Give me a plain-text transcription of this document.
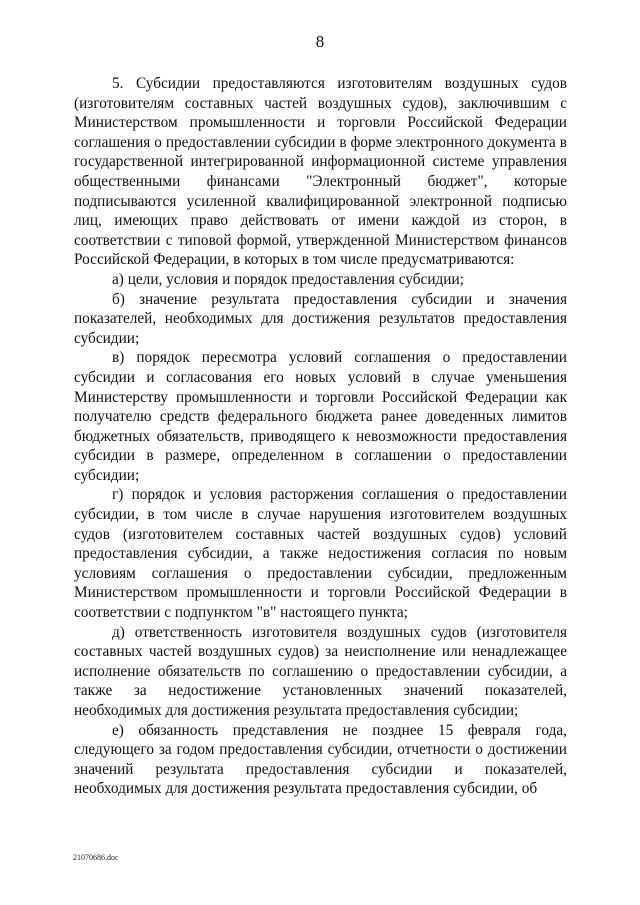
8

5. Субсидии предоставляются изготовителям воздушных судов (изготовителям составных частей воздушных судов), заключившим с Министерством промышленности и торговли Российской Федерации соглашения о предоставлении субсидии в форме электронного документа в государственной интегрированной информационной системе управления общественными финансами "Электронный бюджет", которые подписываются усиленной квалифицированной электронной подписью лиц, имеющих право действовать от имени каждой из сторон, в соответствии с типовой формой, утвержденной Министерством финансов Российской Федерации, в которых в том числе предусматриваются:

а) цели, условия и порядок предоставления субсидии;

б) значение результата предоставления субсидии и значения показателей, необходимых для достижения результатов предоставления субсидии;

в) порядок пересмотра условий соглашения о предоставлении субсидии и согласования его новых условий в случае уменьшения Министерству промышленности и торговли Российской Федерации как получателю средств федерального бюджета ранее доведенных лимитов бюджетных обязательств, приводящего к невозможности предоставления субсидии в размере, определенном в соглашении о предоставлении субсидии;

г) порядок и условия расторжения соглашения о предоставлении субсидии, в том числе в случае нарушения изготовителем воздушных судов (изготовителем составных частей воздушных судов) условий предоставления субсидии, а также недостижения согласия по новым условиям соглашения о предоставлении субсидии, предложенным Министерством промышленности и торговли Российской Федерации в соответствии с подпунктом "в" настоящего пункта;

д) ответственность изготовителя воздушных судов (изготовителя составных частей воздушных судов) за неисполнение или ненадлежащее исполнение обязательств по соглашению о предоставлении субсидии, а также за недостижение установленных значений показателей, необходимых для достижения результата предоставления субсидии;

е) обязанность представления не позднее 15 февраля года, следующего за годом предоставления субсидии, отчетности о достижении значений результата предоставления субсидии и показателей, необходимых для достижения результата предоставления субсидии, об

21070686.doc
